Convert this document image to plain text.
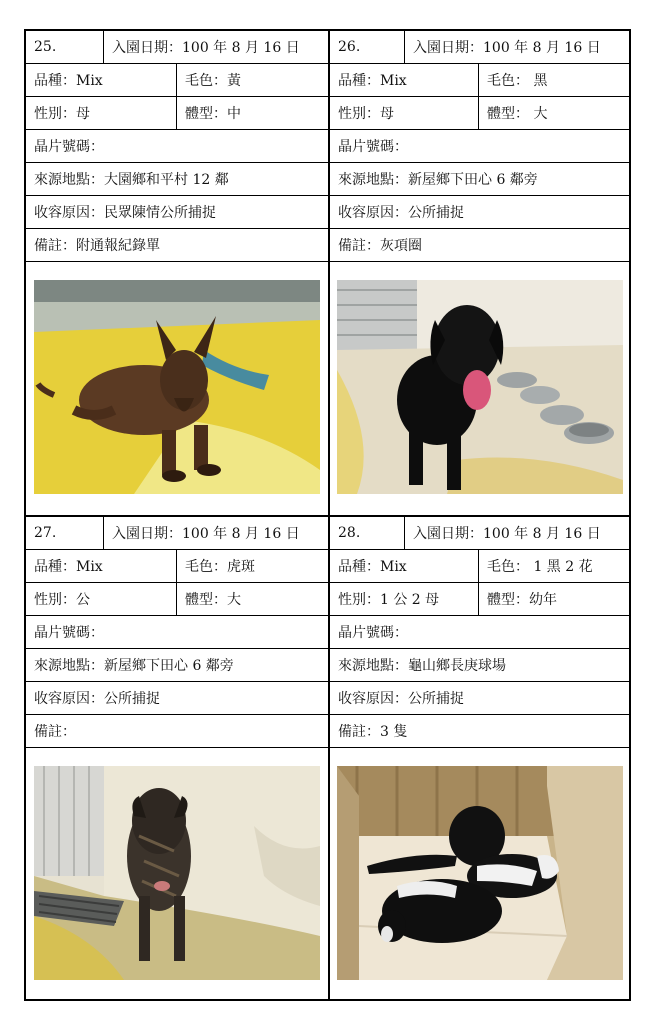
25.	入園日期：100 年 8 月 16 日
品種：Mix	毛色：黃
性別：母	體型：中
晶片號碼：
來源地點：大園鄉和平村 12 鄰
收容原因：民眾陳情公所捕捉
備註：附通報紀錄單
26.	入園日期：100 年 8 月 16 日
品種：Mix	毛色： 黑
性別：母	體型： 大
晶片號碼：
來源地點：新屋鄉下田心 6 鄰旁
收容原因：公所捕捉
備註：灰項圈
27.	入園日期：100 年 8 月 16 日
品種：Mix	毛色：虎斑
性別：公	體型：大
晶片號碼：
來源地點：新屋鄉下田心 6 鄰旁
收容原因：公所捕捉
備註：
28.	入園日期：100 年 8 月 16 日
品種：Mix	毛色： 1 黑 2 花
性別：1 公 2 母	體型：幼年
晶片號碼：
來源地點：龜山鄉長庚球場
收容原因：公所捕捉
備註：3 隻
